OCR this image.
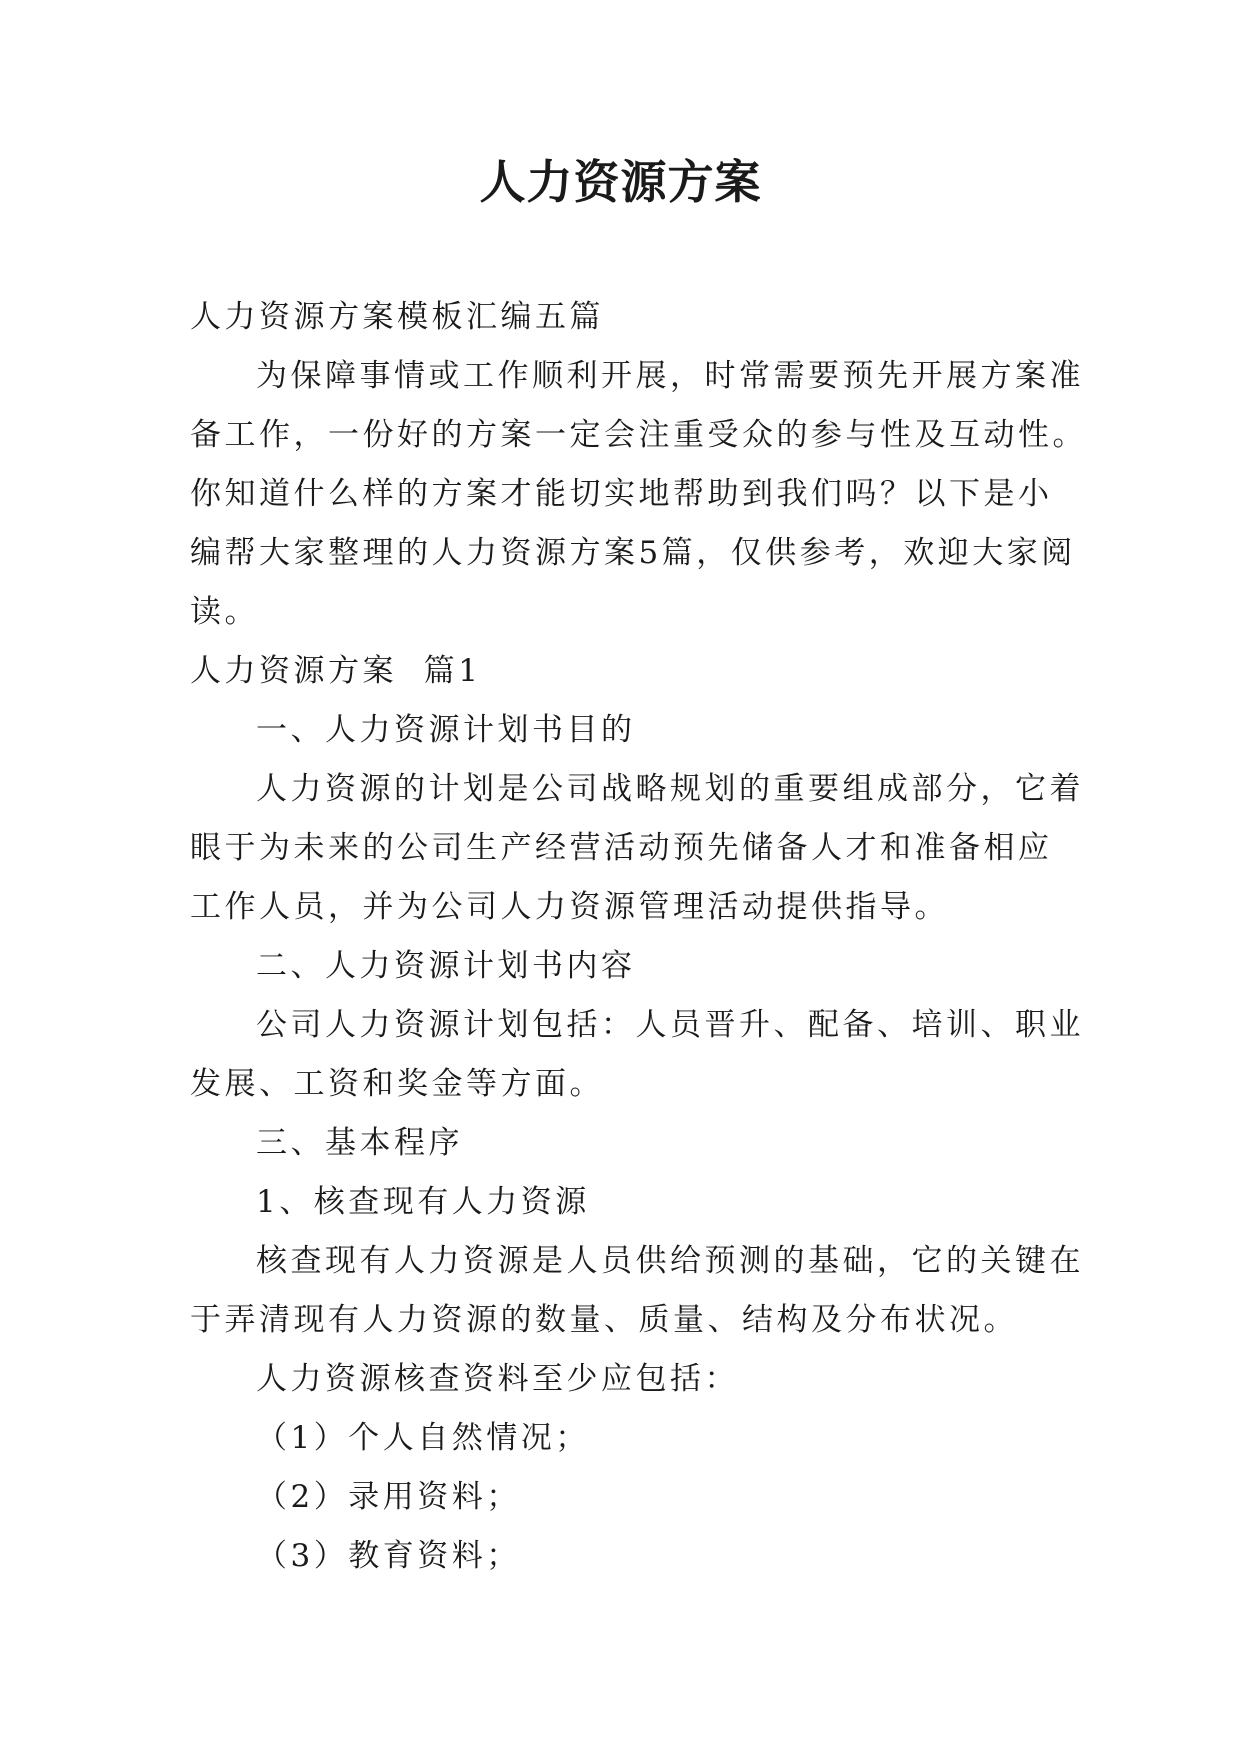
人力资源方案
人力资源方案模板汇编五篇
为保障事情或工作顺利开展，时常需要预先开展方案准
备工作，一份好的方案一定会注重受众的参与性及互动性。
你知道什么样的方案才能切实地帮助到我们吗？以下是小
编帮大家整理的人力资源方案5篇，仅供参考，欢迎大家阅
读。
人力资源方案  篇1
一、人力资源计划书目的
人力资源的计划是公司战略规划的重要组成部分，它着
眼于为未来的公司生产经营活动预先储备人才和准备相应
工作人员，并为公司人力资源管理活动提供指导。
二、人力资源计划书内容
公司人力资源计划包括：人员晋升、配备、培训、职业
发展、工资和奖金等方面。
三、基本程序
1、核查现有人力资源
核查现有人力资源是人员供给预测的基础，它的关键在
于弄清现有人力资源的数量、质量、结构及分布状况。
人力资源核查资料至少应包括：
（1）个人自然情况；
（2）录用资料；
（3）教育资料；
